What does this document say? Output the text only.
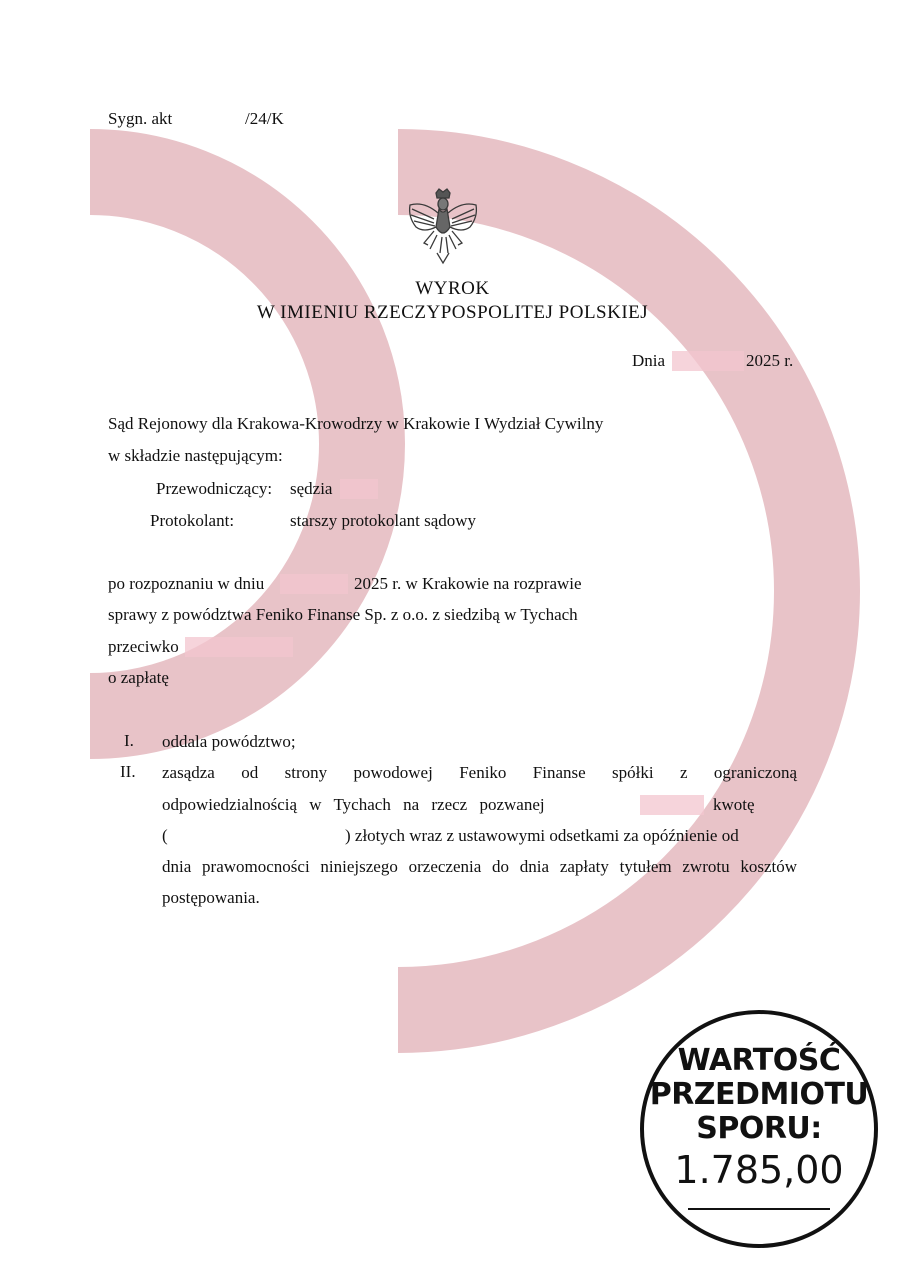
Sygn. akt	/24/K
WYROK
W IMIENIU RZECZYPOSPOLITEJ POLSKIEJ
Dnia	2025 r.
Sąd Rejonowy dla Krakowa-Krowodrzy w Krakowie I Wydział Cywilny
w składzie następującym:
Przewodniczący: sędzia
Protokolant:	starszy protokolant sądowy
po rozpoznaniu w dniu	2025 r. w Krakowie na rozprawie
sprawy z powództwa Feniko Finanse Sp. z o.o. z siedzibą w Tychach
przeciwko
o zapłatę
I. oddala powództwo;
II. zasądza od strony powodowej Feniko Finanse spółki z ograniczoną
odpowiedzialnością w Tychach na rzecz pozwanej	kwotę
(	) złotych wraz z ustawowymi odsetkami za opóźnienie od
dnia prawomocności niniejszego orzeczenia do dnia zapłaty tytułem zwrotu kosztów
postępowania.
WARTOŚĆ
PRZEDMIOTU
SPORU:
1.785,00
